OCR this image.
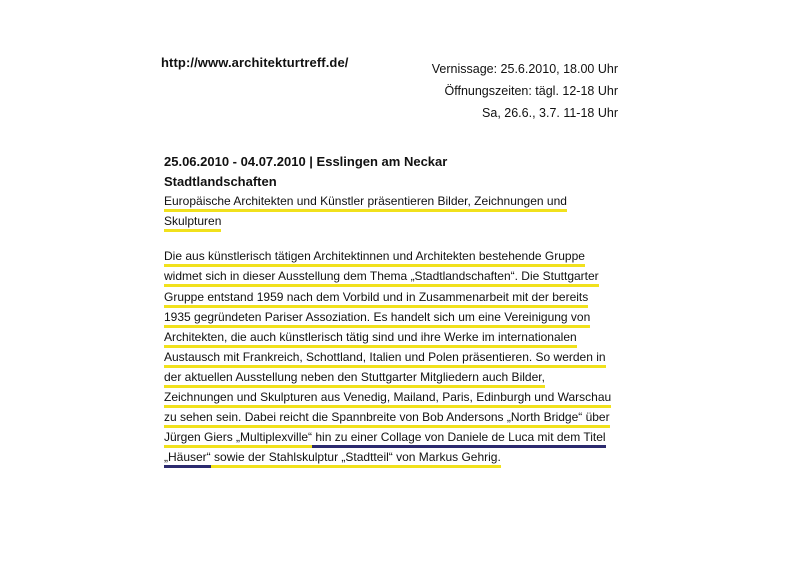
http://www.architekturtreff.de/	Vernissage: 25.6.2010, 18.00 Uhr
Öffnungszeiten: tägl. 12-18 Uhr
Sa, 26.6., 3.7. 11-18 Uhr
25.06.2010 - 04.07.2010 | Esslingen am Neckar
Stadtlandschaften
Europäische Architekten und Künstler präsentieren Bilder, Zeichnungen und
Skulpturen
Die aus künstlerisch tätigen Architektinnen und Architekten bestehende Gruppe
widmet sich in dieser Ausstellung dem Thema „Stadtlandschaften“. Die Stuttgarter
Gruppe entstand 1959 nach dem Vorbild und in Zusammenarbeit mit der bereits
1935 gegründeten Pariser Assoziation. Es handelt sich um eine Vereinigung von
Architekten, die auch künstlerisch tätig sind und ihre Werke im internationalen
Austausch mit Frankreich, Schottland, Italien und Polen präsentieren. So werden in
der aktuellen Ausstellung neben den Stuttgarter Mitgliedern auch Bilder,
Zeichnungen und Skulpturen aus Venedig, Mailand, Paris, Edinburgh und Warschau
zu sehen sein. Dabei reicht die Spannbreite von Bob Andersons „North Bridge“ über
Jürgen Giers „Multiplexville“ hin zu einer Collage von Daniele de Luca mit dem Titel
„Häuser“ sowie der Stahlskulptur „Stadtteil“ von Markus Gehrig.
